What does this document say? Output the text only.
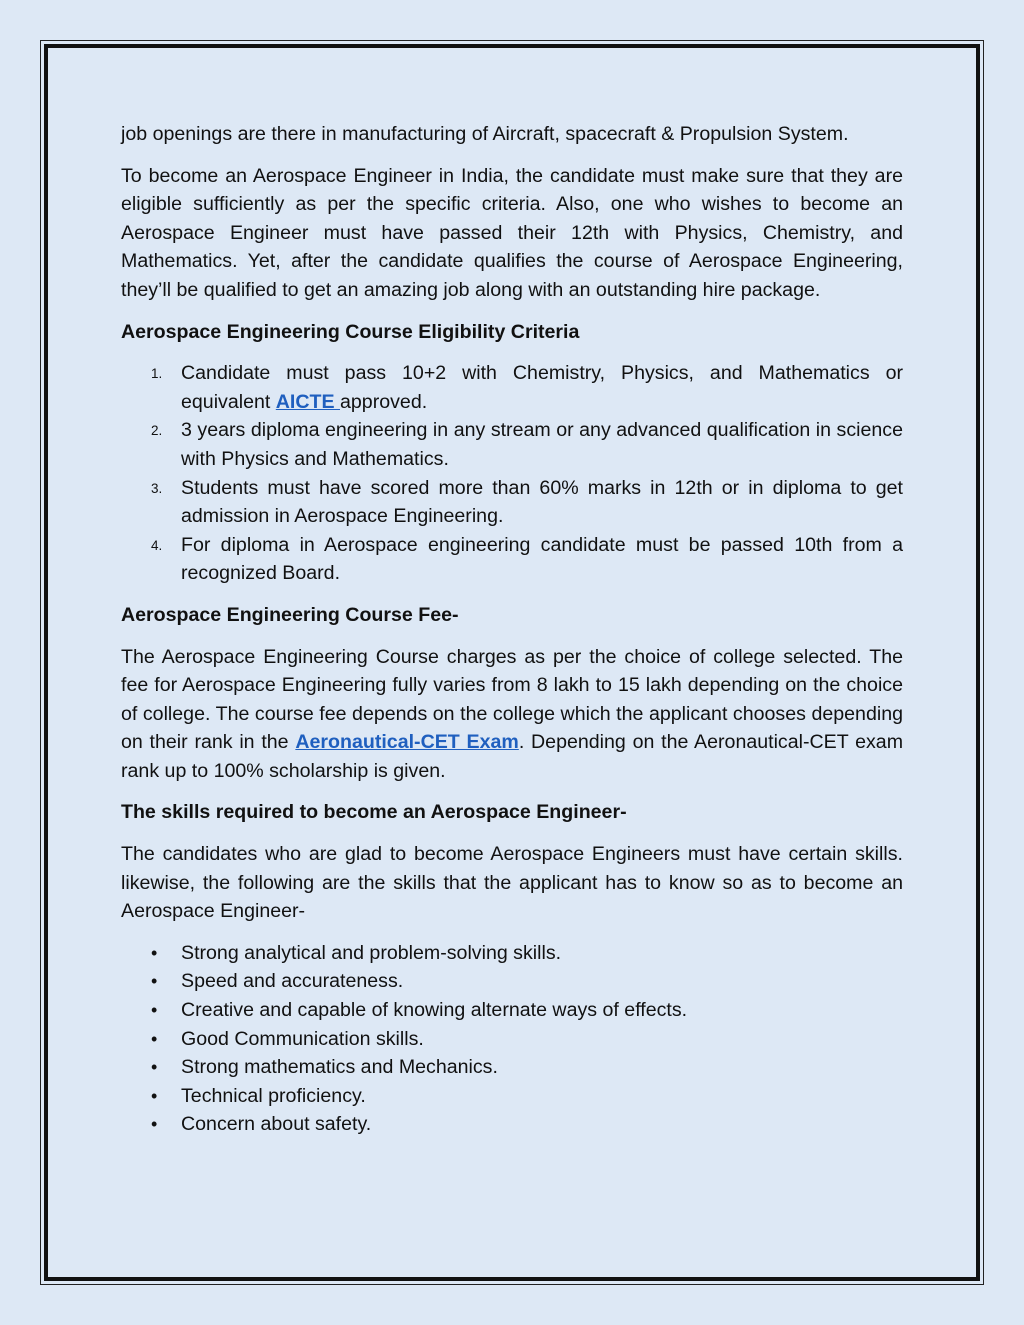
job openings are there in manufacturing of Aircraft, spacecraft & Propulsion System.

To become an Aerospace Engineer in India, the candidate must make sure that they are eligible sufficiently as per the specific criteria. Also, one who wishes to become an Aerospace Engineer must have passed their 12th with Physics, Chemistry, and Mathematics. Yet, after the candidate qualifies the course of Aerospace Engineering, they’ll be qualified to get an amazing job along with an outstanding hire package.

Aerospace Engineering Course Eligibility Criteria

1. Candidate must pass 10+2 with Chemistry, Physics, and Mathematics or equivalent AICTE approved.
2. 3 years diploma engineering in any stream or any advanced qualification in science with Physics and Mathematics.
3. Students must have scored more than 60% marks in 12th or in diploma to get admission in Aerospace Engineering.
4. For diploma in Aerospace engineering candidate must be passed 10th from a recognized Board.

Aerospace Engineering Course Fee-

The Aerospace Engineering Course charges as per the choice of college selected. The fee for Aerospace Engineering fully varies from 8 lakh to 15 lakh depending on the choice of college. The course fee depends on the college which the applicant chooses depending on their rank in the Aeronautical-CET Exam. Depending on the Aeronautical-CET exam rank up to 100% scholarship is given.

The skills required to become an Aerospace Engineer-

The candidates who are glad to become Aerospace Engineers must have certain skills. likewise, the following are the skills that the applicant has to know so as to become an Aerospace Engineer-

• Strong analytical and problem-solving skills.
• Speed and accurateness.
• Creative and capable of knowing alternate ways of effects.
• Good Communication skills.
• Strong mathematics and Mechanics.
• Technical proficiency.
• Concern about safety.
